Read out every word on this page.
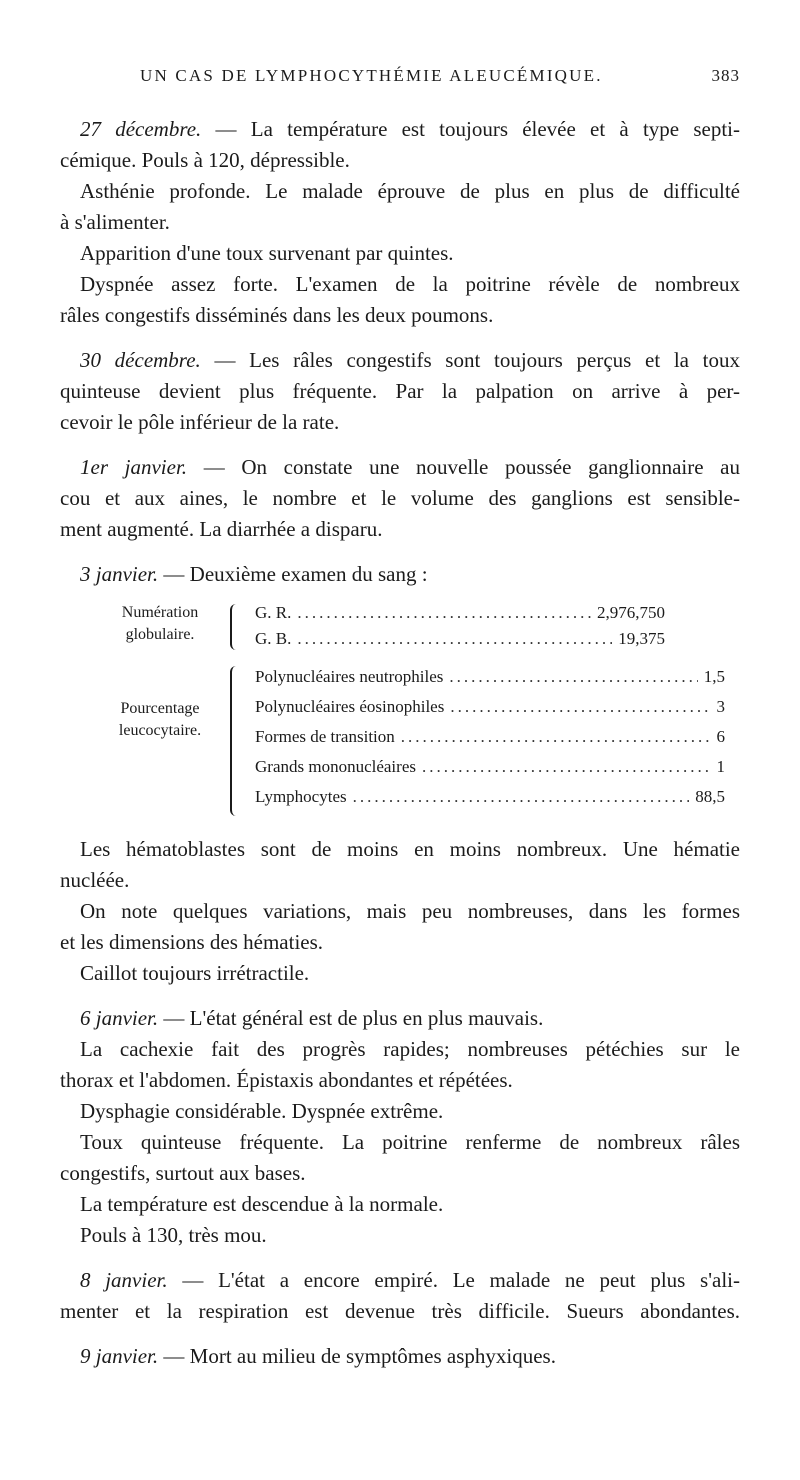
UN CAS DE LYMPHOCYTHÉMIE ALEUCÉMIQUE.	383
27 décembre. — La température est toujours élevée et à type septi-
cémique. Pouls à 120, dépressible.
Asthénie profonde. Le malade éprouve de plus en plus de difficulté
à s'alimenter.
Apparition d'une toux survenant par quintes.
Dyspnée assez forte. L'examen de la poitrine révèle de nombreux
râles congestifs disséminés dans les deux poumons.
30 décembre. — Les râles congestifs sont toujours perçus et la toux
quinteuse devient plus fréquente. Par la palpation on arrive à per-
cevoir le pôle inférieur de la rate.
1er janvier. — On constate une nouvelle poussée ganglionnaire au
cou et aux aines, le nombre et le volume des ganglions est sensible-
ment augmenté. La diarrhée a disparu.
3 janvier. — Deuxième examen du sang :
Numération
globulaire.
G. R. .....	2,976,750
G. B. .....	19,375
Pourcentage
leucocytaire.
Polynucléaires neutrophiles .....	1,5
Polynucléaires éosinophiles .....	3
Formes de transition .....	6
Grands mononucléaires .....	1
Lymphocytes .....	88,5
Les hématoblastes sont de moins en moins nombreux. Une hématie
nucléée.
On note quelques variations, mais peu nombreuses, dans les formes
et les dimensions des hématies.
Caillot toujours irrétractile.
6 janvier. — L'état général est de plus en plus mauvais.
La cachexie fait des progrès rapides; nombreuses pétéchies sur le
thorax et l'abdomen. Épistaxis abondantes et répétées.
Dysphagie considérable. Dyspnée extrême.
Toux quinteuse fréquente. La poitrine renferme de nombreux râles
congestifs, surtout aux bases.
La température est descendue à la normale.
Pouls à 130, très mou.
8 janvier. — L'état a encore empiré. Le malade ne peut plus s'ali-
menter et la respiration est devenue très difficile. Sueurs abondantes.
9 janvier. — Mort au milieu de symptômes asphyxiques.
